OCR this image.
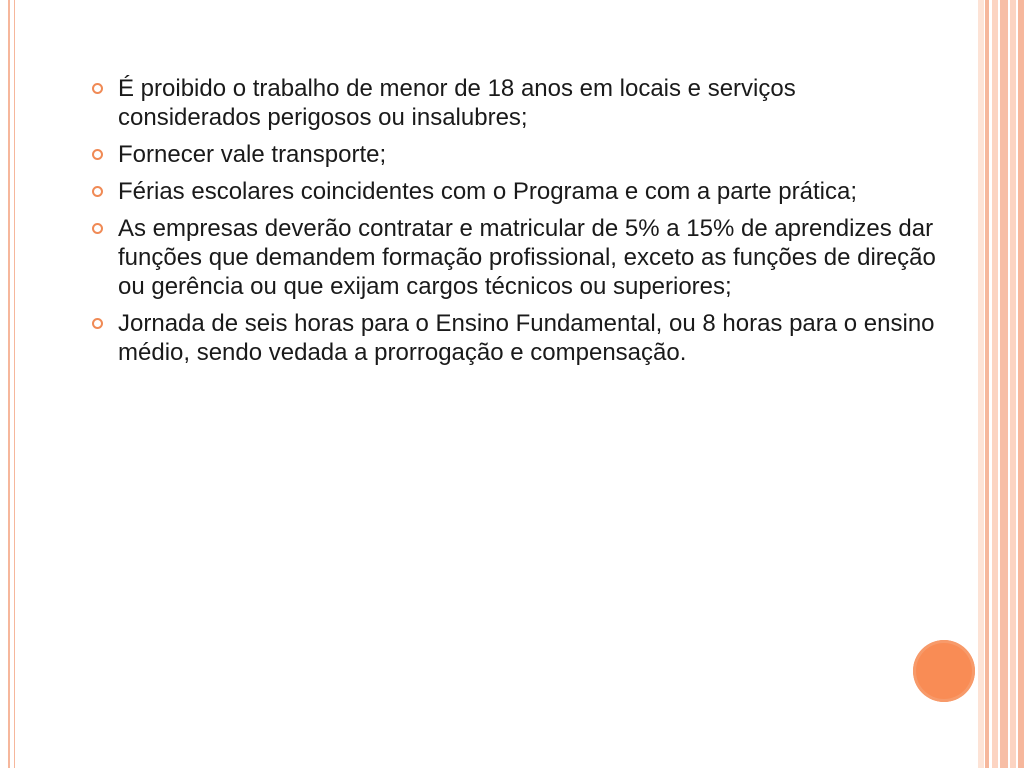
É proibido o trabalho de menor de 18 anos em locais e serviços considerados perigosos ou insalubres;
Fornecer vale transporte;
Férias escolares coincidentes com o Programa e com a parte prática;
As empresas deverão contratar e matricular de 5% a 15% de aprendizes dar funções que demandem formação profissional, exceto as funções de direção ou gerência ou que exijam cargos técnicos ou superiores;
Jornada de seis horas para o Ensino Fundamental, ou 8 horas para o ensino médio, sendo vedada a prorrogação e compensação.
